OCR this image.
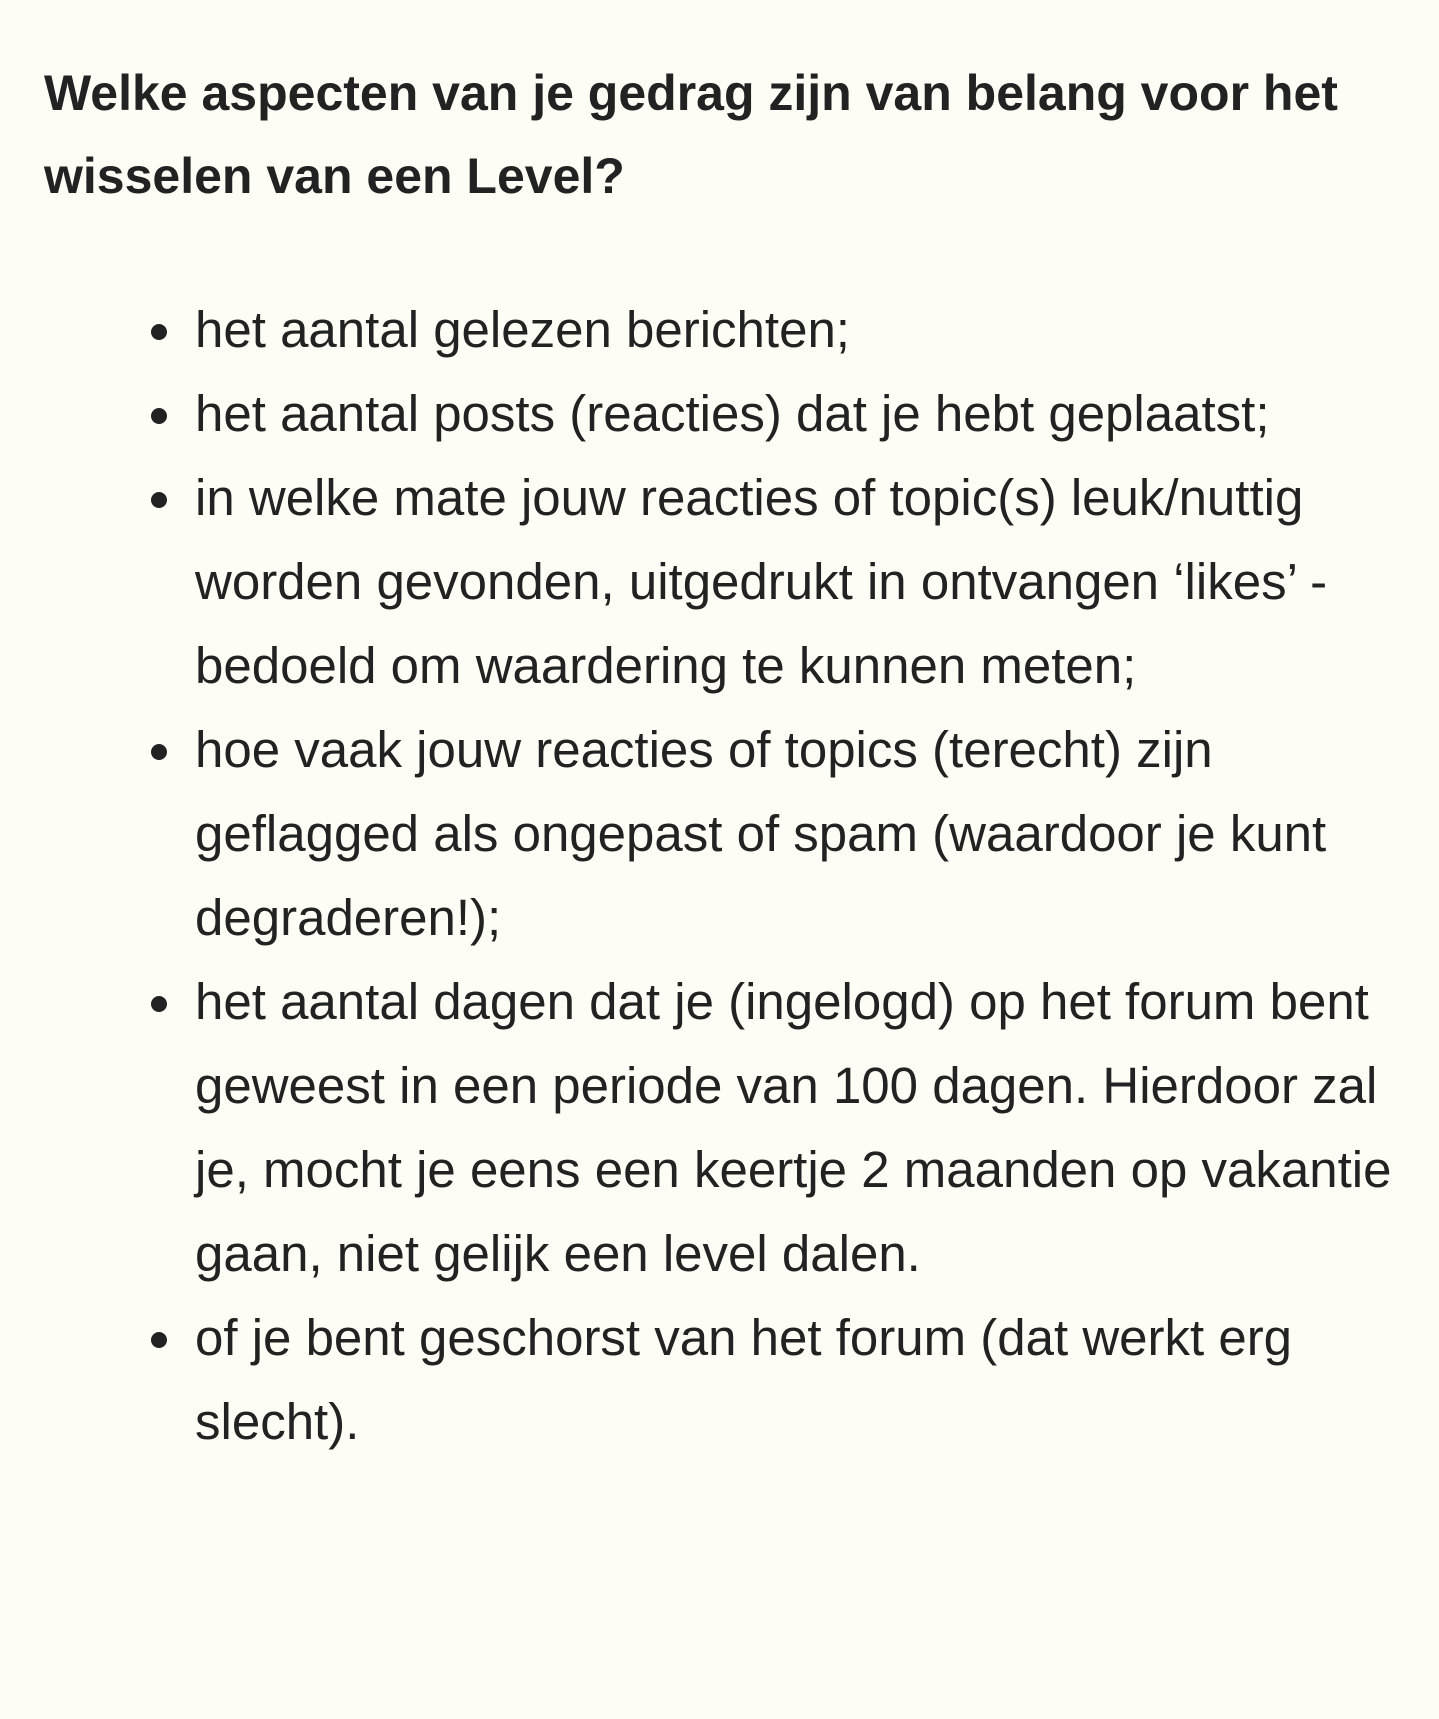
Welke aspecten van je gedrag zijn van belang voor het wisselen van een Level?
het aantal gelezen berichten;
het aantal posts (reacties) dat je hebt geplaatst;
in welke mate jouw reacties of topic(s) leuk/nuttig worden gevonden, uitgedrukt in ontvangen ‘likes’ - bedoeld om waardering te kunnen meten;
hoe vaak jouw reacties of topics (terecht) zijn geflagged als ongepast of spam (waardoor je kunt degraderen!);
het aantal dagen dat je (ingelogd) op het forum bent geweest in een periode van 100 dagen. Hierdoor zal je, mocht je eens een keertje 2 maanden op vakantie gaan, niet gelijk een level dalen.
of je bent geschorst van het forum (dat werkt erg slecht).
